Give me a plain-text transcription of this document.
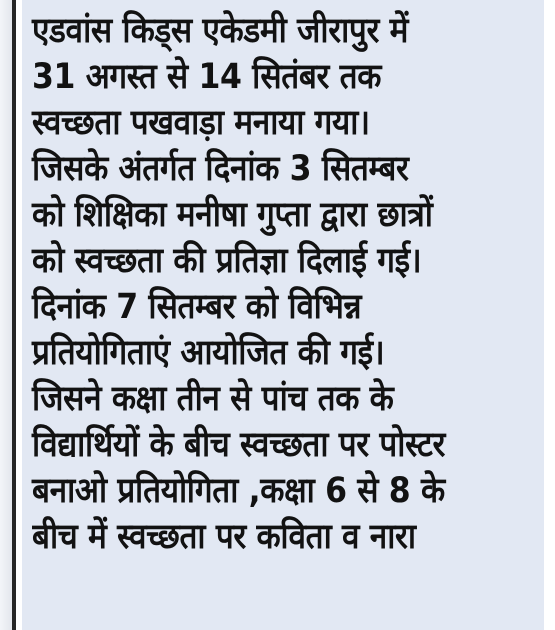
एडवांस किड्स एकेडमी जीरापुर में
31 अगस्त से 14 सितंबर तक
स्वच्छता पखवाड़ा मनाया गया।
जिसके अंतर्गत दिनांक 3 सितम्बर
को शिक्षिका मनीषा गुप्ता द्वारा छात्रों
को स्वच्छता की प्रतिज्ञा दिलाई गई।
दिनांक 7 सितम्बर को विभिन्न
प्रतियोगिताएं आयोजित की गई।
जिसने कक्षा तीन से पांच तक के
विद्यार्थियों के बीच स्वच्छता पर पोस्टर
बनाओ प्रतियोगिता ,कक्षा 6 से 8 के
बीच में स्वच्छता पर कविता व नारा
